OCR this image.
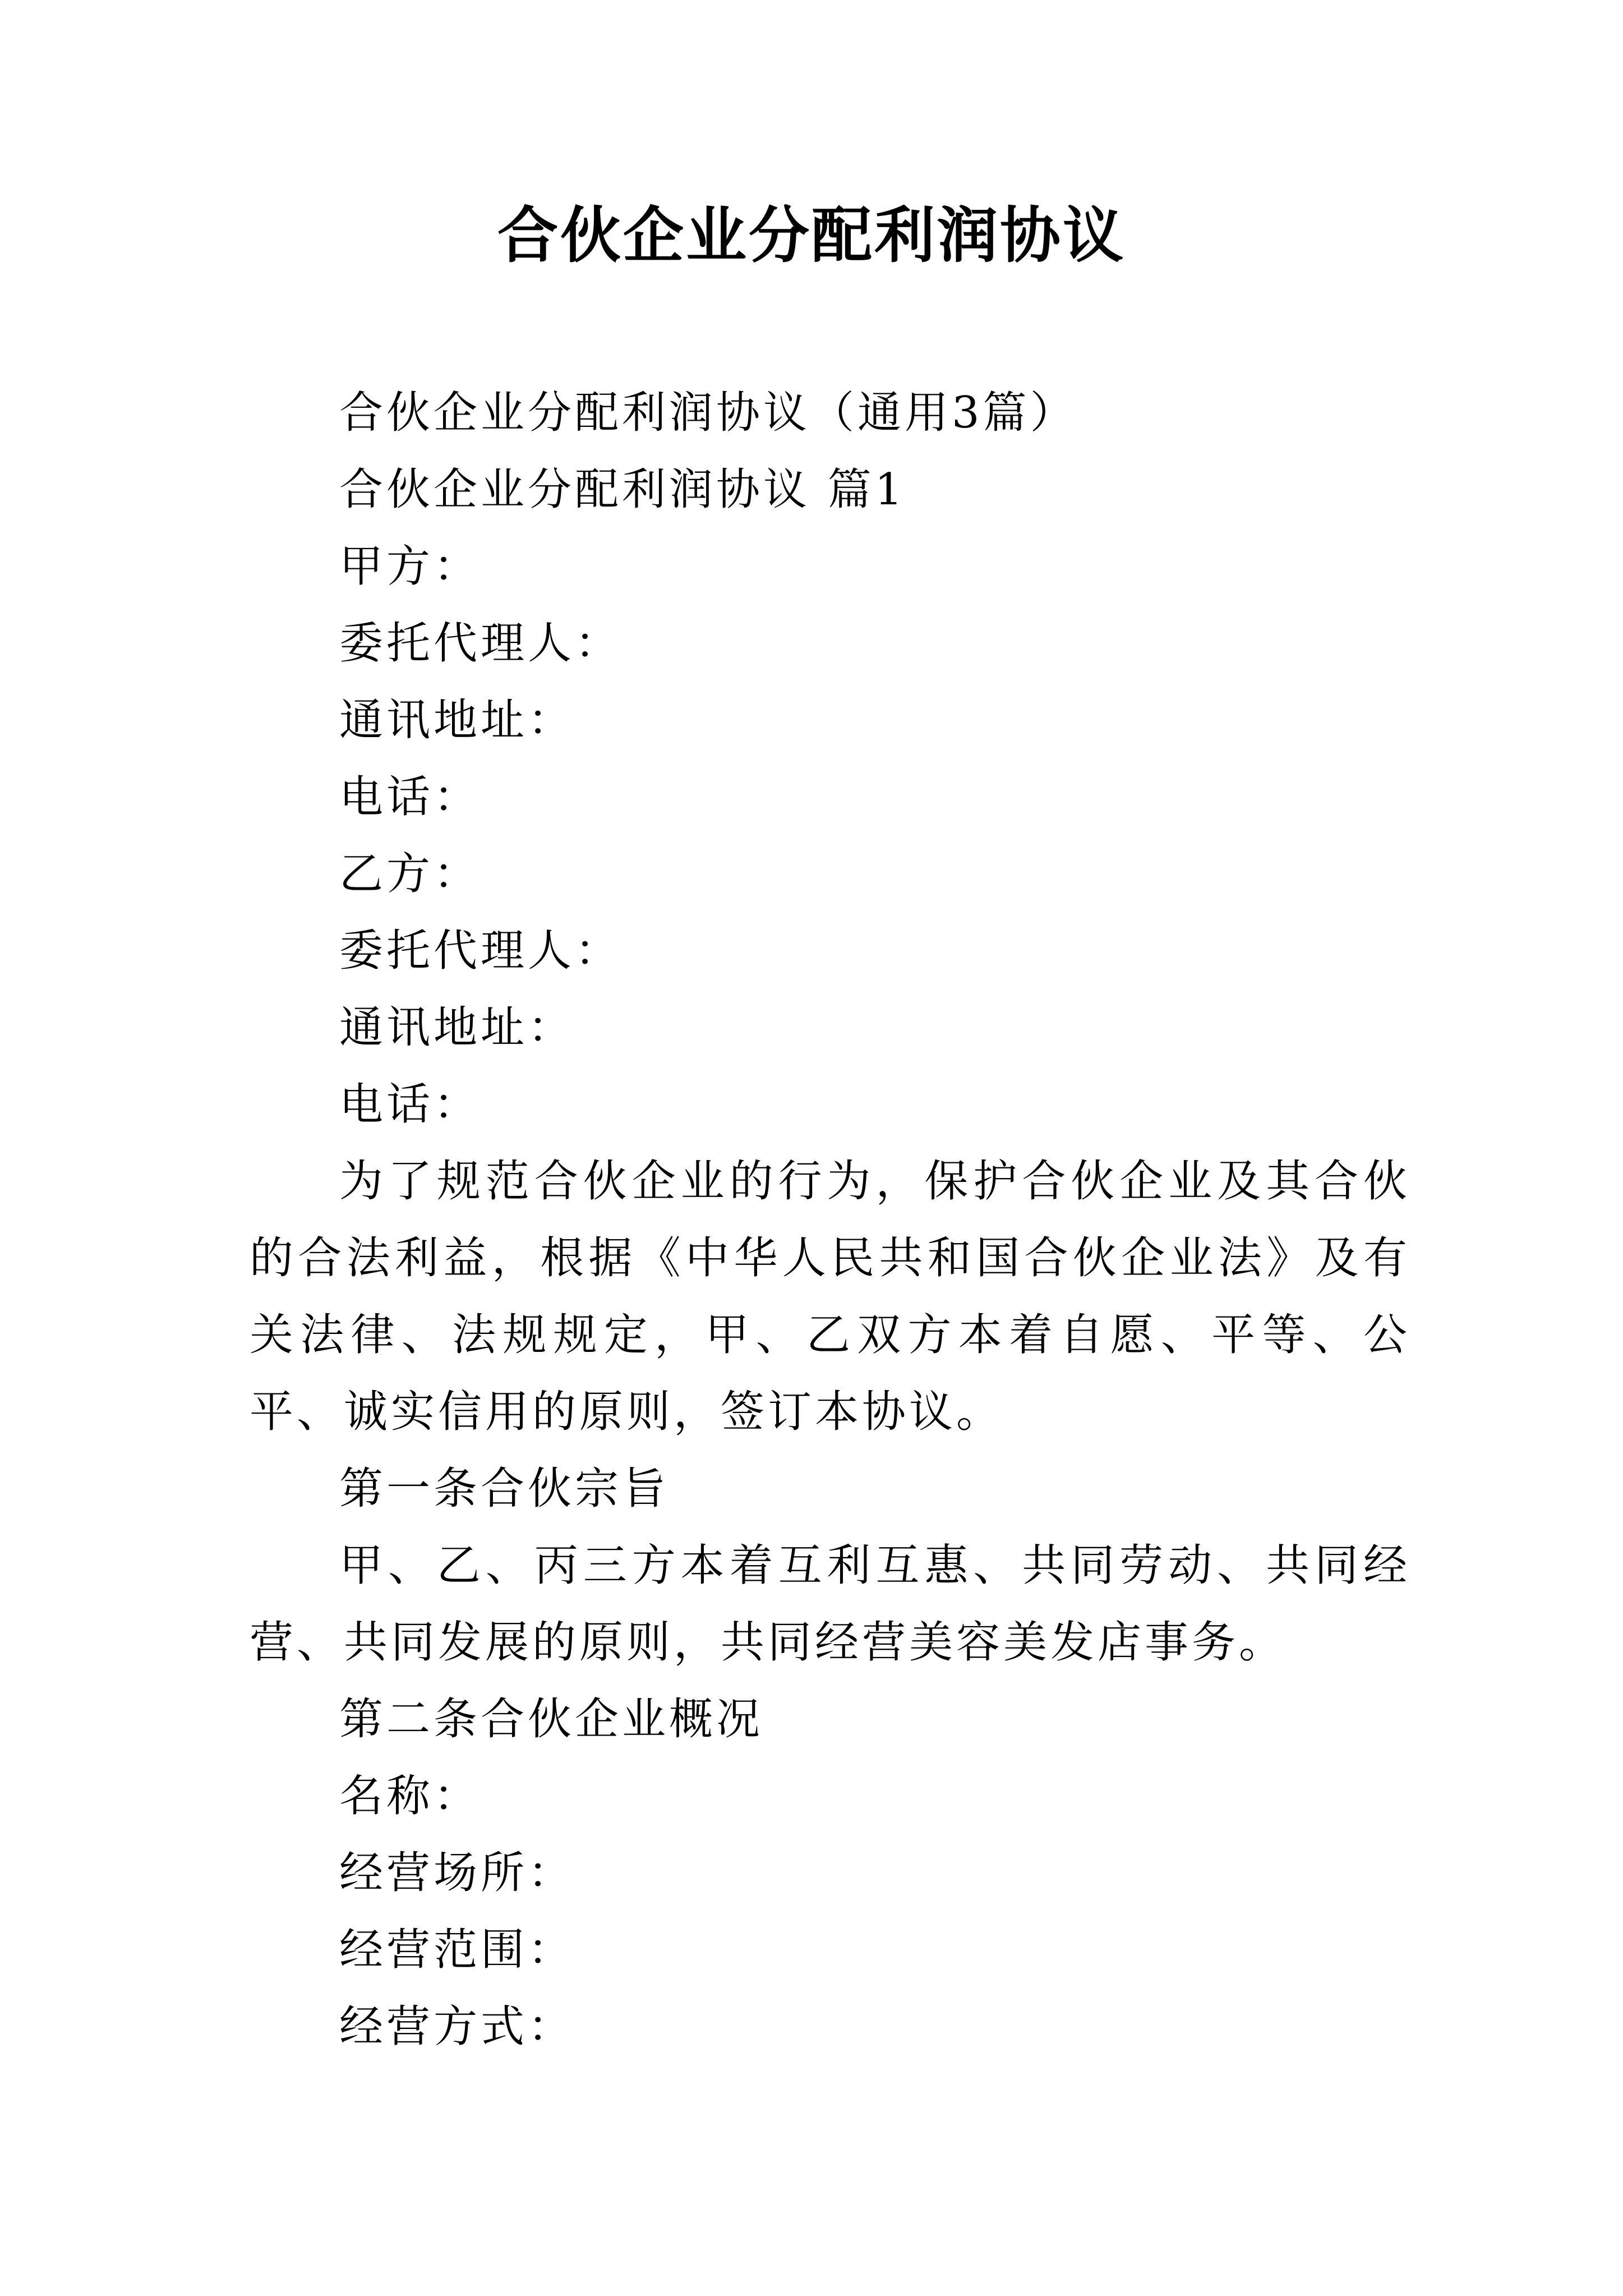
合伙企业分配利润协议

合伙企业分配利润协议（通用3篇）

合伙企业分配利润协议 篇1

甲方：

委托代理人：

通讯地址：

电话：

乙方：

委托代理人：

通讯地址：

电话：

为了规范合伙企业的行为，保护合伙企业及其合伙的合法利益，根据《中华人民共和国合伙企业法》及有关法律、法规规定，甲、乙双方本着自愿、平等、公平、诚实信用的原则，签订本协议。

第一条合伙宗旨

甲、乙、丙三方本着互利互惠、共同劳动、共同经营、共同发展的原则，共同经营美容美发店事务。

第二条合伙企业概况

名称：

经营场所：

经营范围：

经营方式：
